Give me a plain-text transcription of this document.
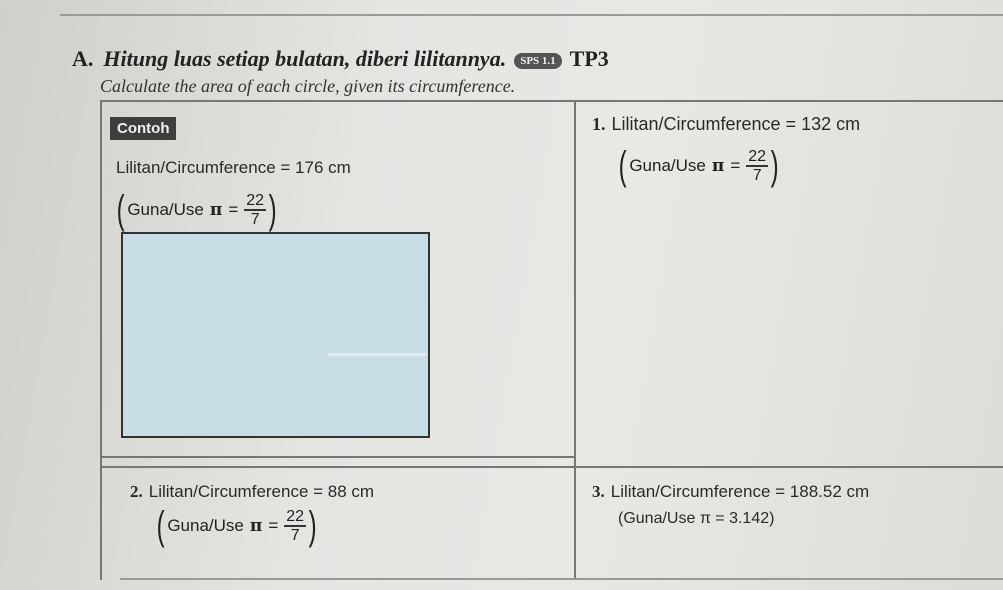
A. Hitung luas setiap bulatan, diberi lilitannya. SPS 1.1 TP3
Calculate the area of each circle, given its circumference.
Contoh
Lilitan/Circumference = 176 cm
( Guna/Use $\pi = \frac{22}{7}$ )
1. Lilitan/Circumference = 132 cm
( Guna/Use $\pi = \frac{22}{7}$ )
2. Lilitan/Circumference = 88 cm
( Guna/Use $\pi = \frac{22}{7}$ )
3. Lilitan/Circumference = 188.52 cm
(Guna/Use π = 3.142)
